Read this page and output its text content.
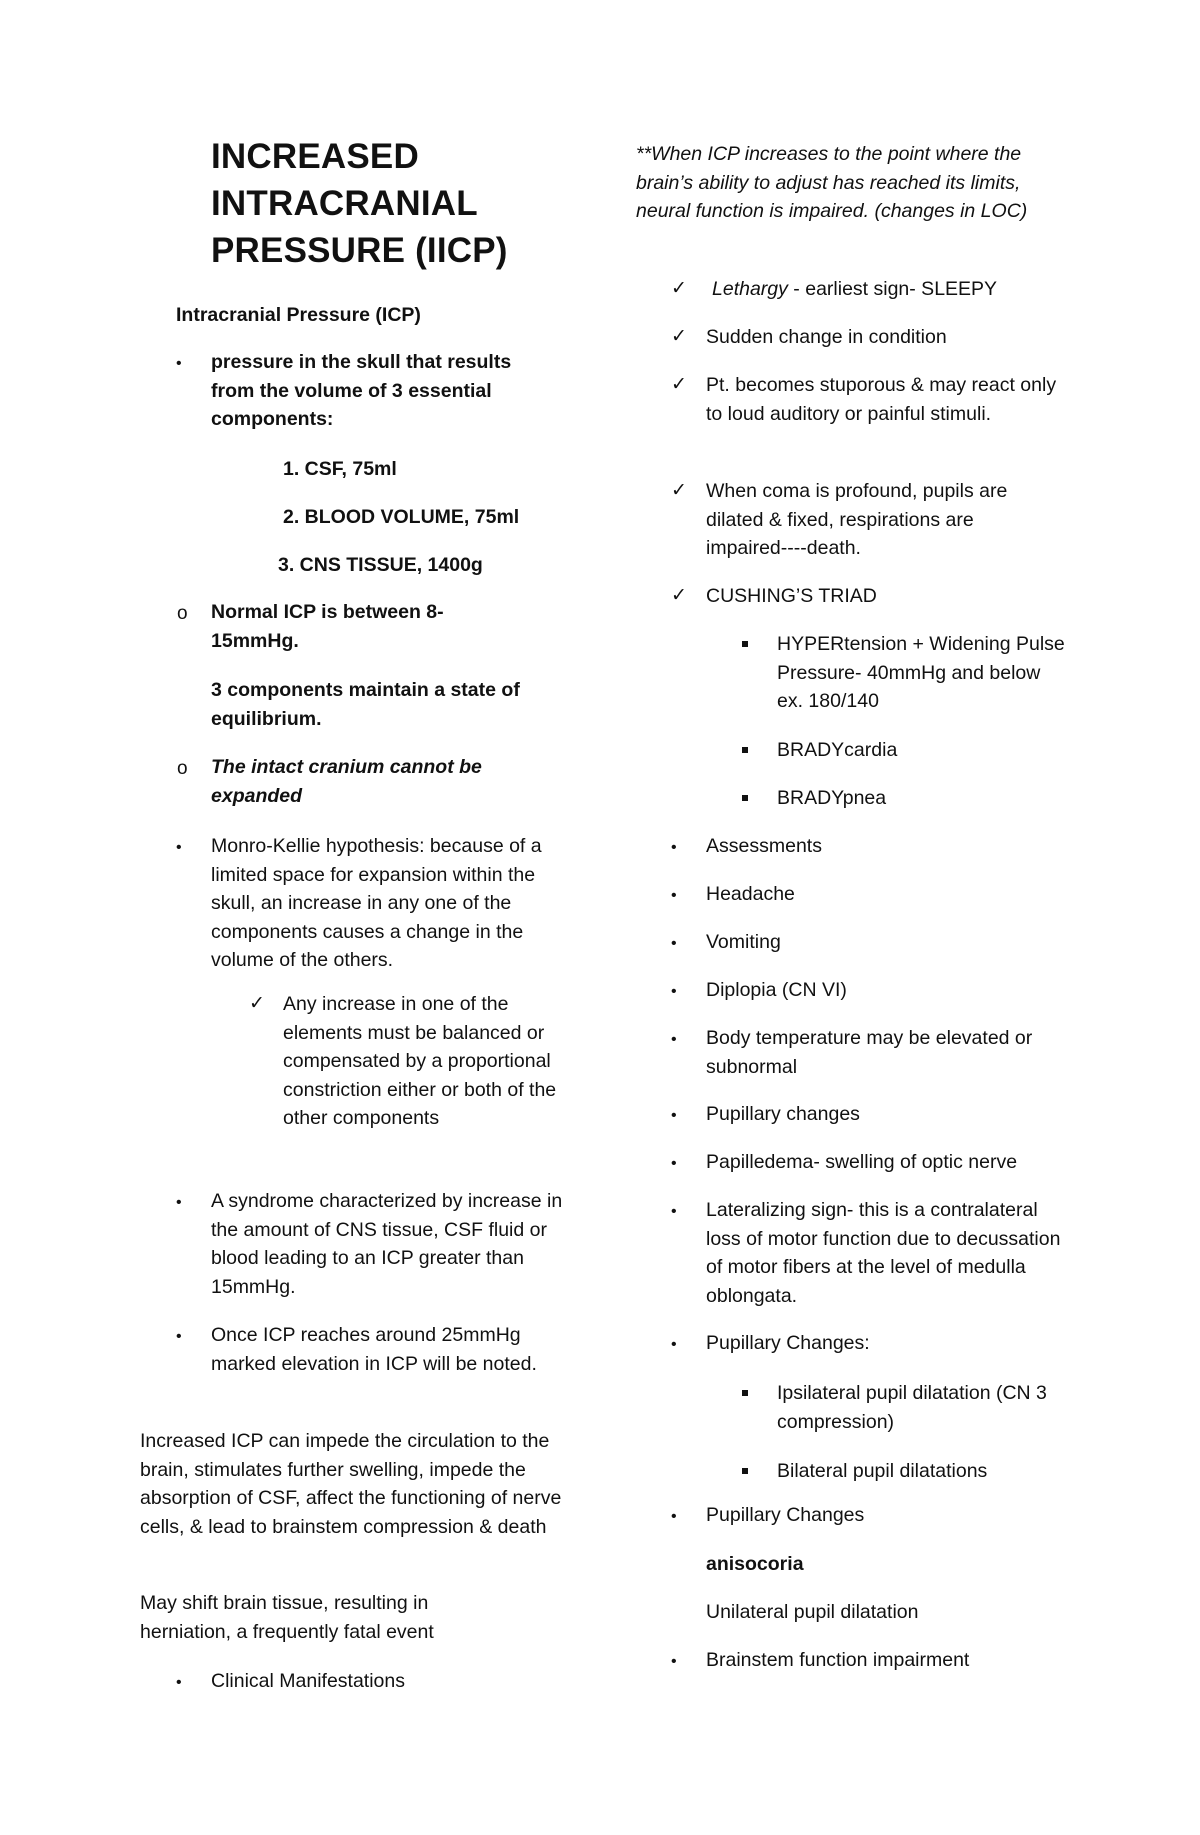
INCREASED INTRACRANIAL PRESSURE (IICP)
Intracranial Pressure (ICP)
• pressure in the skull that results from the volume of 3 essential components:
1. CSF, 75ml
2. BLOOD VOLUME, 75ml
3. CNS TISSUE, 1400g
o Normal ICP is between 8-15mmHg.
3 components maintain a state of equilibrium.
o The intact cranium cannot be expanded
• Monro-Kellie hypothesis: because of a limited space for expansion within the skull, an increase in any one of the components causes a change in the volume of the others.
✓ Any increase in one of the elements must be balanced or compensated by a proportional constriction either or both of the other components
• A syndrome characterized by increase in the amount of CNS tissue, CSF fluid or blood leading to an ICP greater than 15mmHg.
• Once ICP reaches around 25mmHg marked elevation in ICP will be noted.
Increased ICP can impede the circulation to the brain, stimulates further swelling, impede the absorption of CSF, affect the functioning of nerve cells, & lead to brainstem compression & death
May shift brain tissue, resulting in herniation, a frequently fatal event
• Clinical Manifestations
**When ICP increases to the point where the brain’s ability to adjust has reached its limits, neural function is impaired. (changes in LOC)
✓ Lethargy - earliest sign- SLEEPY
✓ Sudden change in condition
✓ Pt. becomes stuporous & may react only to loud auditory or painful stimuli.
✓ When coma is profound, pupils are dilated & fixed, respirations are impaired----death.
✓ CUSHING’S TRIAD
HYPERtension + Widening Pulse Pressure- 40mmHg and below ex. 180/140
BRADYcardia
BRADYpnea
• Assessments
• Headache
• Vomiting
• Diplopia (CN VI)
• Body temperature may be elevated or subnormal
• Pupillary changes
• Papilledema- swelling of optic nerve
• Lateralizing sign- this is a contralateral loss of motor function due to decussation of motor fibers at the level of medulla oblongata.
• Pupillary Changes:
Ipsilateral pupil dilatation (CN 3 compression)
Bilateral pupil dilatations
• Pupillary Changes
anisocoria
Unilateral pupil dilatation
• Brainstem function impairment
